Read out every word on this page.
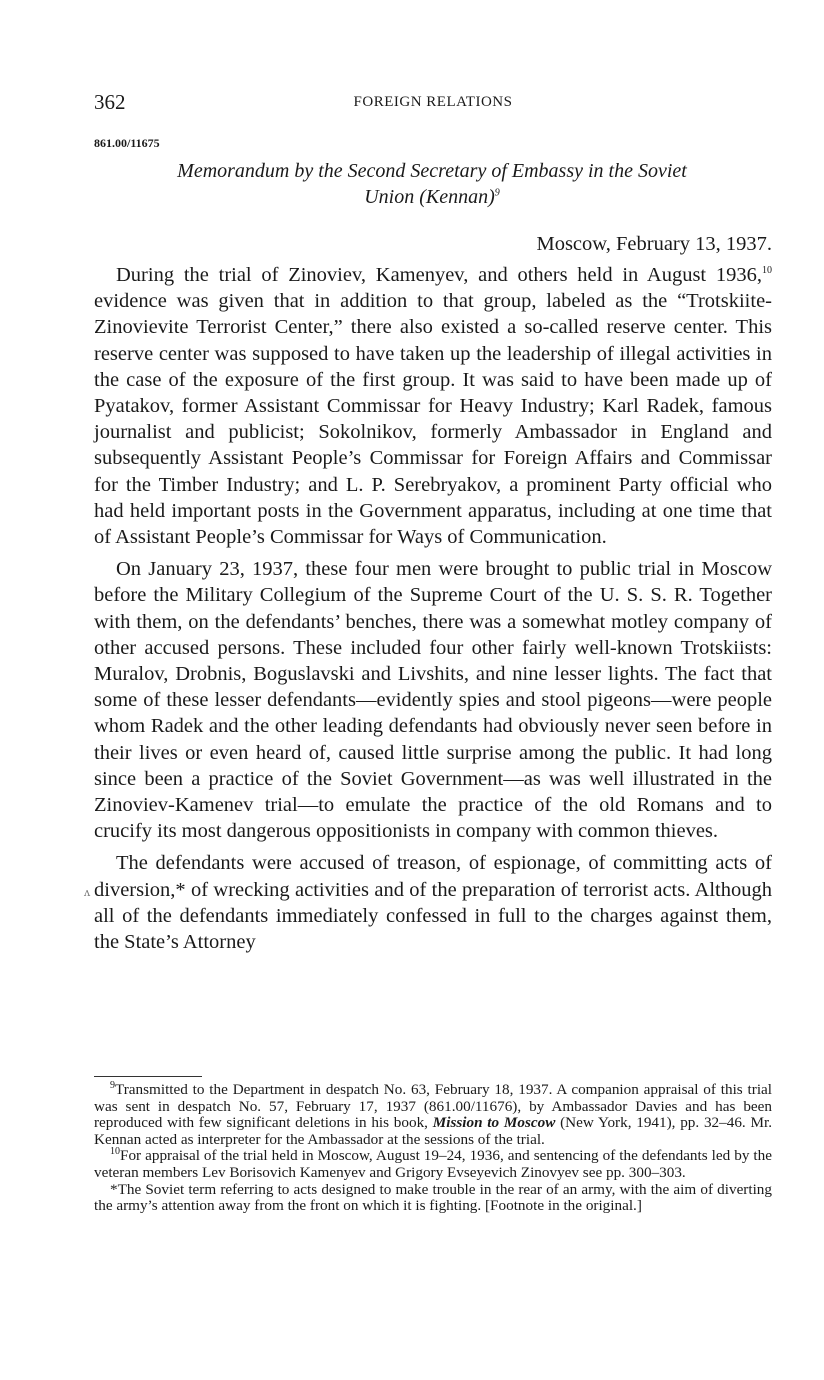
362	FOREIGN RELATIONS
861.00/11675
Memorandum by the Second Secretary of Embassy in the Soviet
Union (Kennan)$^9$
Moscow, February 13, 1937.

During the trial of Zinoviev, Kamenyev, and others held in August 1936,10 evidence was given that in addition to that group, labeled as the “Trotskiite-Zinovievite Terrorist Center,” there also existed a so-called reserve center. This reserve center was supposed to have taken up the leadership of illegal activities in the case of the exposure of the first group. It was said to have been made up of Pyatakov, former Assistant Commissar for Heavy Industry; Karl Radek, famous journalist and publicist; Sokolnikov, formerly Ambassador in England and subsequently Assistant People’s Commissar for Foreign Affairs and Commissar for the Timber Industry; and L. P. Serebryakov, a prominent Party official who had held important posts in the Government apparatus, including at one time that of Assistant People’s Commissar for Ways of Communication.

On January 23, 1937, these four men were brought to public trial in Moscow before the Military Collegium of the Supreme Court of the U. S. S. R. Together with them, on the defendants’ benches, there was a somewhat motley company of other accused persons. These included four other fairly well-known Trotskiists: Muralov, Drobnis, Boguslavski and Livshits, and nine lesser lights. The fact that some of these lesser defendants—evidently spies and stool pigeons—were people whom Radek and the other leading defendants had obviously never seen before in their lives or even heard of, caused little surprise among the public. It had long since been a practice of the Soviet Government—as was well illustrated in the Zinoviev-Kamenev trial—to emulate the practice of the old Romans and to crucify its most dangerous oppositionists in company with common thieves.

The defendants were accused of treason, of espionage, of committing acts of diversion,* of wrecking activities and of the preparation of terrorist acts. Although all of the defendants immediately confessed in full to the charges against them, the State’s Attorney

ʌ

$^9$Transmitted to the Department in despatch No. 63, February 18, 1937. A companion appraisal of this trial was sent in despatch No. 57, February 17, 1937 (861.00/11676), by Ambassador Davies and has been reproduced with few significant deletions in his book, Mission to Moscow (New York, 1941), pp. 32–46. Mr. Kennan acted as interpreter for the Ambassador at the sessions of the trial.

$^{10}$For appraisal of the trial held in Moscow, August 19–24, 1936, and sentencing of the defendants led by the veteran members Lev Borisovich Kamenyev and Grigory Evseyevich Zinovyev see pp. 300–303.

*The Soviet term referring to acts designed to make trouble in the rear of an army, with the aim of diverting the army’s attention away from the front on which it is fighting. [Footnote in the original.]
